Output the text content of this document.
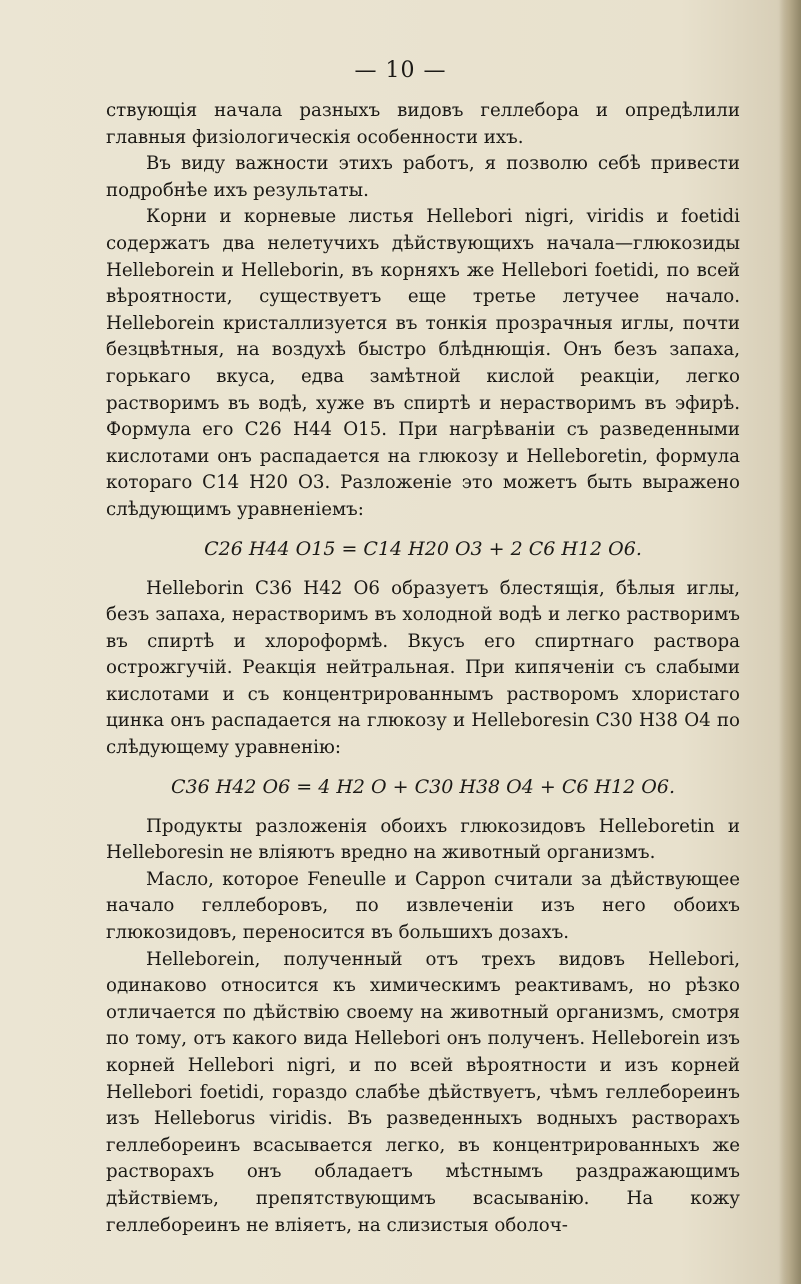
— 10 —

ствующія начала разныхъ видовъ геллебора и опредѣлили главныя физіологическія особенности ихъ.

Въ виду важности этихъ работъ, я позволю себѣ привести подробнѣе ихъ результаты.

Корни и корневые листья Helleborі nigri, viridis и foetidi содержатъ два нелетучихъ дѣйствующихъ начала—глюкозиды Helleborein и Helleborin, въ корняхъ же Hellebori foetidi, по всей вѣроятности, существуетъ еще третье летучее начало. Helleborein кристаллизуется въ тонкія прозрачныя иглы, почти безцвѣтныя, на воздухѣ быстро блѣднющія. Онъ безъ запаха, горькаго вкуса, едва замѣтной кислой реакціи, легко растворимъ въ водѣ, хуже въ спиртѣ и нерастворимъ въ эфирѣ. Формула его C26 H44 O15. При нагрѣваніи съ разведенными кислотами онъ распадается на глюкозу и Helleboretin, формула котораго C14 H20 O3. Разложеніе это можетъ быть выражено слѣдующимъ уравненіемъ:

C26 H44 O15 = C14 H20 O3 + 2 C6 H12 O6.

Helleborin C36 H42 O6 образуетъ блестящія, бѣлыя иглы, безъ запаха, нерастворимъ въ холодной водѣ и легко растворимъ въ спиртѣ и хлороформѣ. Вкусъ его спиртнаго раствора острожгучій. Реакція нейтральная. При кипяченіи съ слабыми кислотами и съ концентрированнымъ растворомъ хлористаго цинка онъ распадается на глюкозу и Helleboresin C30 H38 O4 по слѣдующему уравненію:

C36 H42 O6 = 4 H2 O + C30 H38 O4 + C6 H12 O6.

Продукты разложенія обоихъ глюкозидовъ Helleboretin и Helleboresin не вліяютъ вредно на животный организмъ.

Масло, которое Fenеulle и Cappon считали за дѣйствующее начало геллеборовъ, по извлеченіи изъ него обоихъ глюкозидовъ, переносится въ большихъ дозахъ.

Helleborein, полученный отъ трехъ видовъ Hellebori, одинаково относится къ химическимъ реактивамъ, но рѣзко отличается по дѣйствію своему на животный организмъ, смотря по тому, отъ какого вида Hellebori онъ полученъ. Helleborein изъ корней Hellebori nigri, и по всей вѣроятности и изъ корней Hellebori foetidi, гораздо слабѣе дѣйствуетъ, чѣмъ геллебореинъ изъ Helleborus viridis. Въ разведенныхъ водныхъ растворахъ геллебореинъ всасывается легко, въ концентрированныхъ же растворахъ онъ обладаетъ мѣстнымъ раздражающимъ дѣйствіемъ, препятствующимъ всасыванію. На кожу геллебореинъ не вліяетъ, на слизистыя оболоч-
